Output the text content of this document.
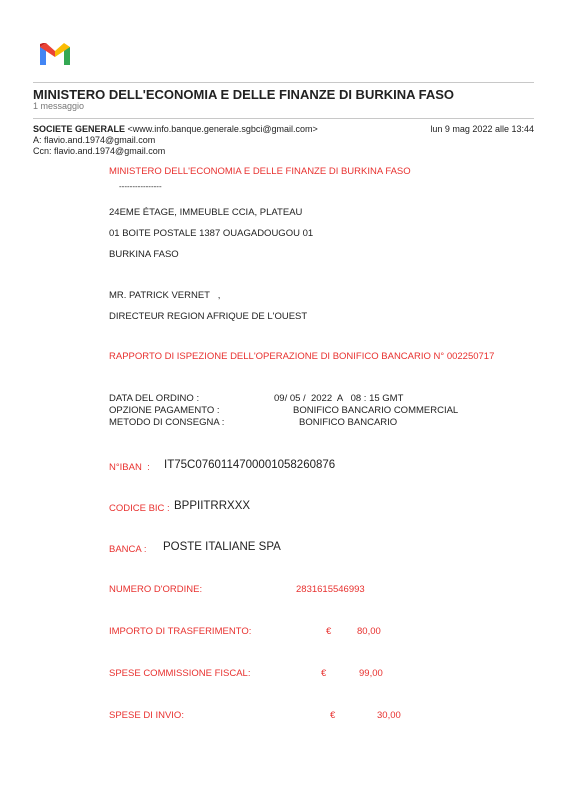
MINISTERO DELL'ECONOMIA E DELLE FINANZE DI BURKINA FASO
1 messaggio
SOCIETE GENERALE <www.info.banque.generale.sgbci@gmail.com>	lun 9 mag 2022 alle 13:44
A: flavio.and.1974@gmail.com
Ccn: flavio.and.1974@gmail.com
MINISTERO DELL'ECONOMIA E DELLE FINANZE DI BURKINA FASO
----------------
24EME ÉTAGE, IMMEUBLE CCIA, PLATEAU
01 BOITE POSTALE 1387 OUAGADOUGOU 01
BURKINA FASO
MR. PATRICK VERNET   ,
DIRECTEUR REGION AFRIQUE DE L'OUEST
RAPPORTO DI ISPEZIONE DELL'OPERAZIONE DI BONIFICO BANCARIO N° 002250717
DATA DEL ORDINO :	09/ 05 /  2022  A   08 : 15 GMT
OPZIONE PAGAMENTO :	BONIFICO BANCARIO COMMERCIAL
METODO DI CONSEGNA :	BONIFICO BANCARIO
N°IBAN  : IT75C0760114700001058260876
CODICE BIC : BPPIITRRXXX
BANCA : POSTE ITALIANE SPA
NUMERO D'ORDINE:	2831615546993
IMPORTO DI TRASFERIMENTO:	€	80,00
SPESE COMMISSIONE FISCAL:	€	99,00
SPESE DI INVIO:	€	30,00
